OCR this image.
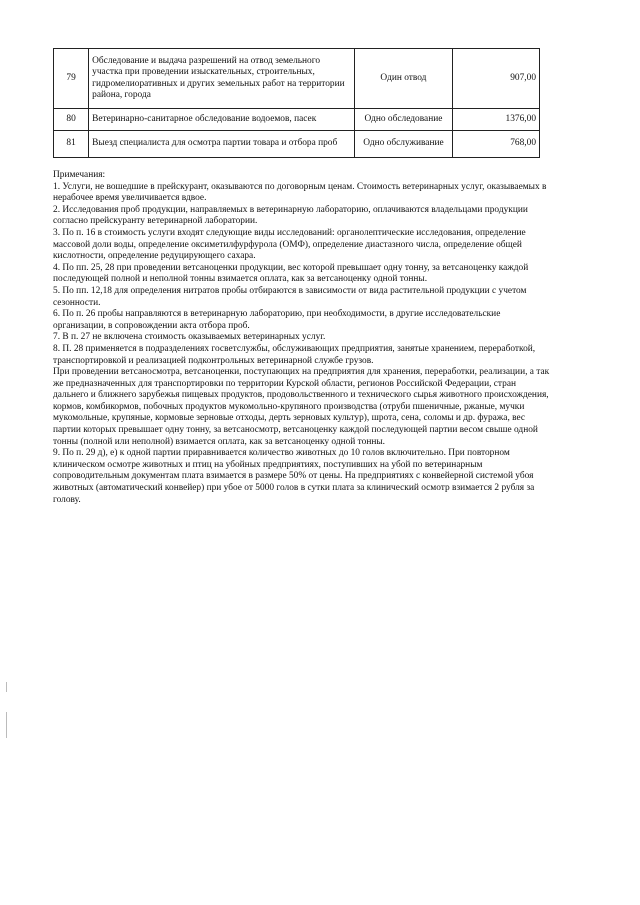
79	Обследование и выдача разрешений на отвод земельного участка при проведении изыскательных, строительных, гидромелиоративных и других земельных работ на территории района, города	Один отвод	907,00
80	Ветеринарно-санитарное обследование водоемов, пасек	Одно обследование	1376,00
81	Выезд специалиста для осмотра партии товара и отбора проб	Одно обслуживание	768,00

Примечания:

1. Услуги, не вошедшие в прейскурант, оказываются по договорным ценам. Стоимость ветеринарных услуг, оказываемых в нерабочее время увеличивается вдвое.

2. Исследования проб продукции, направляемых в ветеринарную лабораторию, оплачиваются владельцами продукции согласно прейскуранту ветеринарной лаборатории.

3. По п. 16 в стоимость услуги входят следующие виды исследований: органолептические исследования, определение массовой доли воды, определение оксиметилфурфурола (ОМФ), определение диастазного числа, определение общей кислотности, определение редуцирующего сахара.

4. По пп. 25, 28 при проведении ветсаноценки продукции, вес которой превышает одну тонну, за ветсаноценку каждой последующей полной и неполной тонны взимается оплата, как за ветсаноценку одной тонны.

5. По пп. 12,18 для определения нитратов пробы отбираются в зависимости от вида растительной продукции с учетом сезонности.

6. По п. 26 пробы направляются в ветеринарную лабораторию, при необходимости, в другие исследовательские организации, в сопровождении акта отбора проб.

7. В п. 27 не включена стоимость оказываемых ветеринарных услуг.

8. П. 28 применяется в подразделениях госветслужбы, обслуживающих предприятия, занятые хранением, переработкой, транспортировкой и реализацией подконтрольных ветеринарной службе грузов.

При проведении ветсаносмотра, ветсаноценки, поступающих на предприятия для хранения, переработки, реализации, а так же предназначенных для транспортировки по территории Курской области, регионов Российской Федерации, стран дальнего и ближнего зарубежья пищевых продуктов, продовольственного и технического сырья животного происхождения, кормов, комбикормов, побочных продуктов мукомольно-крупяного производства (отруби пшеничные, ржаные, мучки мукомольные, крупяные, кормовые зерновые отходы, дерть зерновых культур), шрота, сена, соломы и др. фуража, вес партии которых превышает одну тонну, за ветсаносмотр, ветсаноценку каждой последующей партии весом свыше одной тонны (полной или неполной) взимается оплата, как за ветсаноценку одной тонны.

9. По п. 29 д), е) к одной партии приравнивается количество животных до 10 голов включительно. При повторном клиническом осмотре животных и птиц на убойных предприятиях, поступивших на убой по ветеринарным сопроводительным документам плата взимается в размере 50% от цены. На предприятиях с конвейерной системой убоя животных (автоматический конвейер) при убое от 5000 голов в сутки плата за клинический осмотр взимается 2 рубля за голову.
